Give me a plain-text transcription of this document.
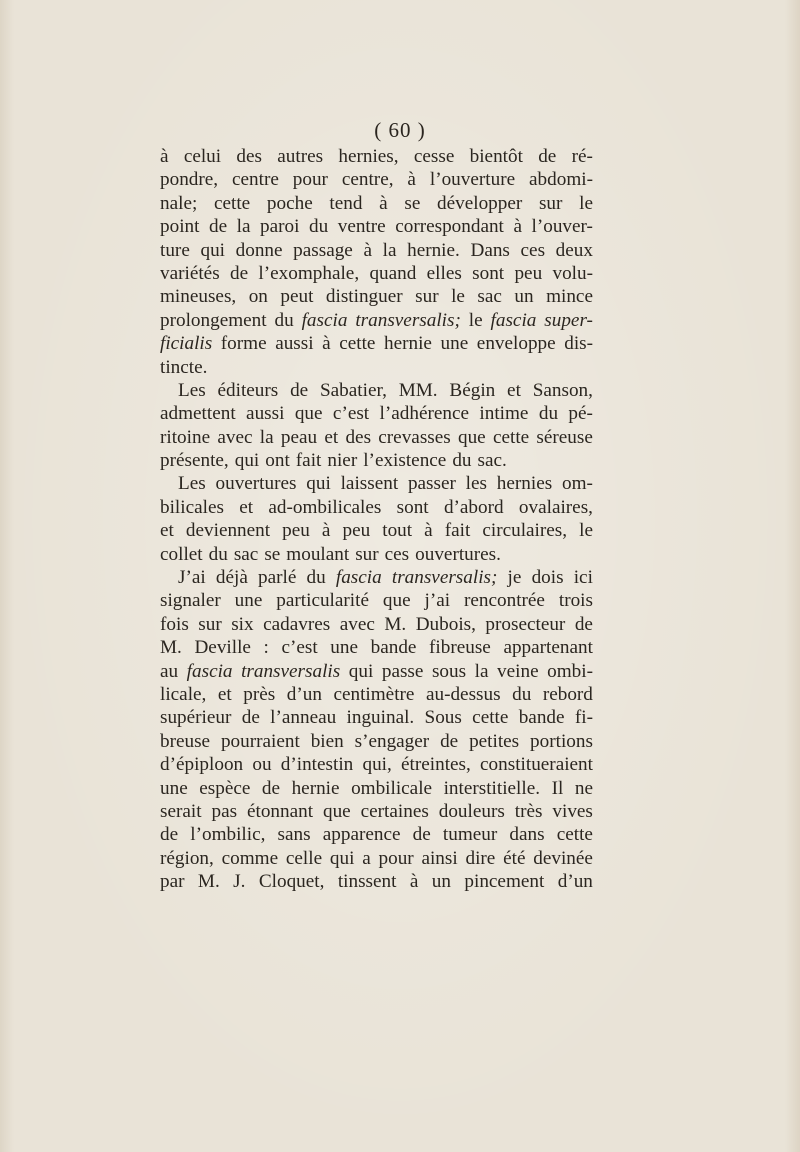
( 60 )
à celui des autres hernies, cesse bientôt de ré-
pondre, centre pour centre, à l’ouverture abdomi-
nale; cette poche tend à se développer sur le
point de la paroi du ventre correspondant à l’ouver-
ture qui donne passage à la hernie. Dans ces deux
variétés de l’exomphale, quand elles sont peu volu-
mineuses, on peut distinguer sur le sac un mince
prolongement du fascia transversalis; le fascia super-
ficialis forme aussi à cette hernie une enveloppe dis-
tincte.
Les éditeurs de Sabatier, MM. Bégin et Sanson,
admettent aussi que c’est l’adhérence intime du pé-
ritoine avec la peau et des crevasses que cette séreuse
présente, qui ont fait nier l’existence du sac.
Les ouvertures qui laissent passer les hernies om-
bilicales et ad-ombilicales sont d’abord ovalaires,
et deviennent peu à peu tout à fait circulaires, le
collet du sac se moulant sur ces ouvertures.
J’ai déjà parlé du fascia transversalis; je dois ici
signaler une particularité que j’ai rencontrée trois
fois sur six cadavres avec M. Dubois, prosecteur de
M. Deville : c’est une bande fibreuse appartenant
au fascia transversalis qui passe sous la veine ombi-
licale, et près d’un centimètre au-dessus du rebord
supérieur de l’anneau inguinal. Sous cette bande fi-
breuse pourraient bien s’engager de petites portions
d’épiploon ou d’intestin qui, étreintes, constitueraient
une espèce de hernie ombilicale interstitielle. Il ne
serait pas étonnant que certaines douleurs très vives
de l’ombilic, sans apparence de tumeur dans cette
région, comme celle qui a pour ainsi dire été devinée
par M. J. Cloquet, tinssent à un pincement d’un
